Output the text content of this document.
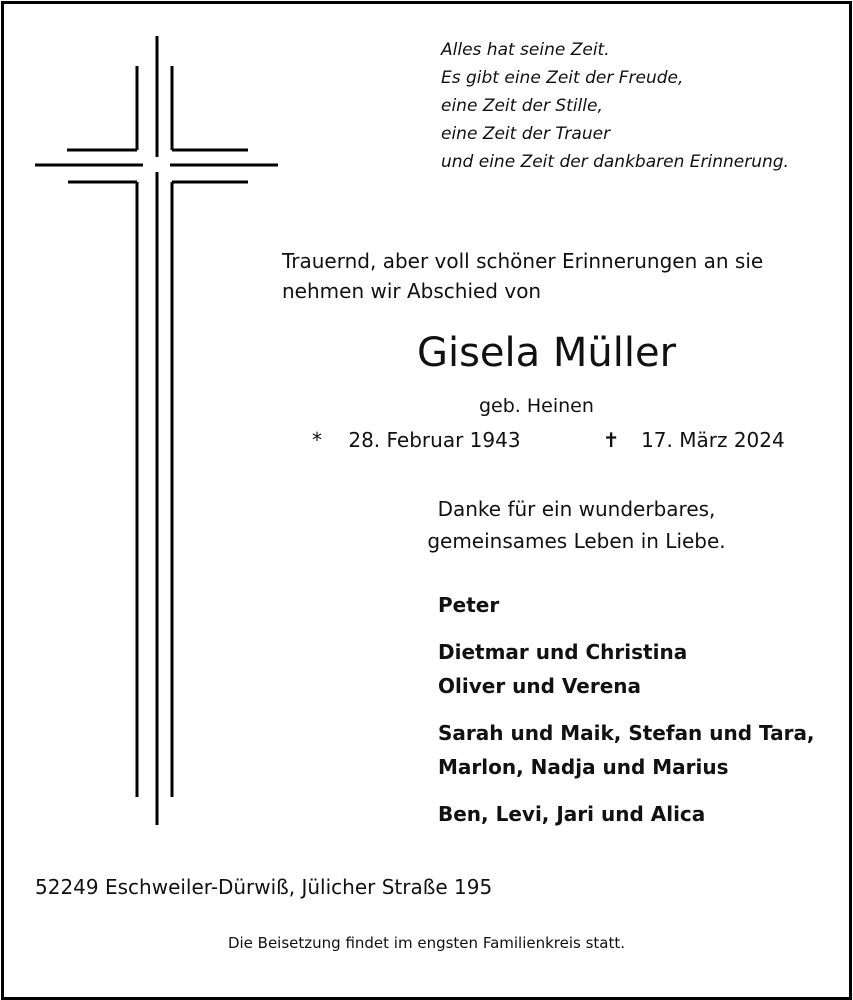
Alles hat seine Zeit.
Es gibt eine Zeit der Freude,
eine Zeit der Stille,
eine Zeit der Trauer
und eine Zeit der dankbaren Erinnerung.
Trauernd, aber voll schöner Erinnerungen an sie
nehmen wir Abschied von
Gisela Müller
geb. Heinen
* 28. Februar 1943	✝ 17. März 2024
Danke für ein wunderbares,
gemeinsames Leben in Liebe.
Peter
Dietmar und Christina
Oliver und Verena
Sarah und Maik, Stefan und Tara,
Marlon, Nadja und Marius
Ben, Levi, Jari und Alica
52249 Eschweiler-Dürwiß, Jülicher Straße 195
Die Beisetzung findet im engsten Familienkreis statt.
